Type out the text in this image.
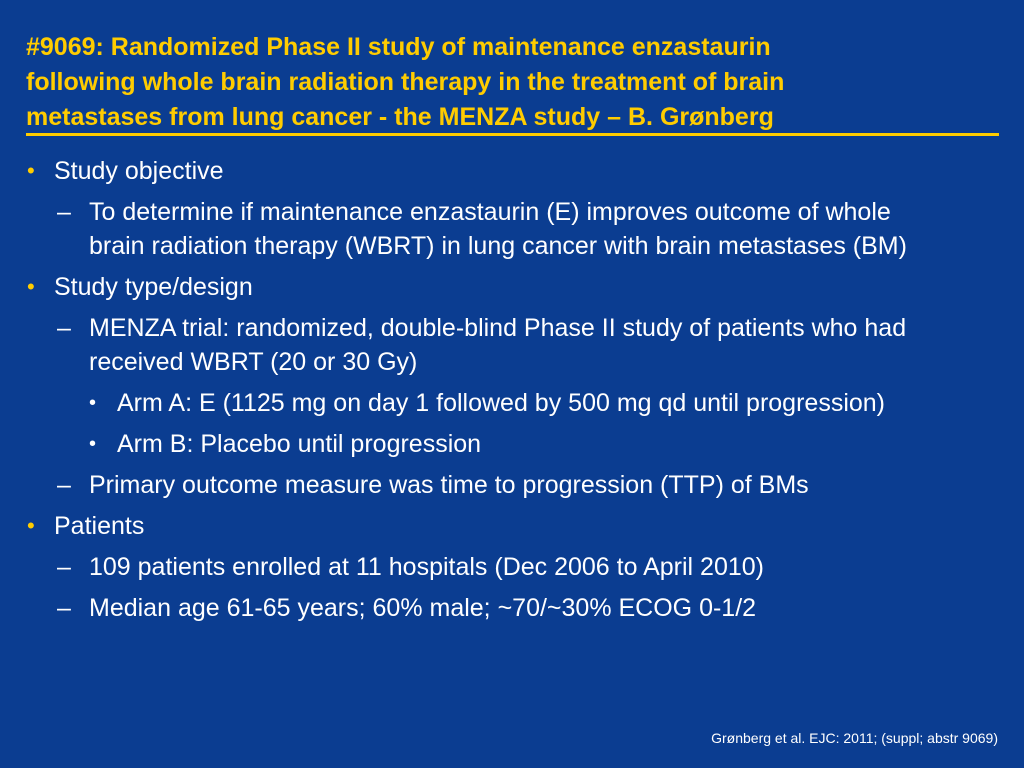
#9069: Randomized Phase II study of maintenance enzastaurin
following whole brain radiation therapy in the treatment of brain
metastases from lung cancer - the MENZA study – B. Grønberg
• Study objective
– To determine if maintenance enzastaurin (E) improves outcome of whole brain radiation therapy (WBRT) in lung cancer with brain metastases (BM)
• Study type/design
– MENZA trial: randomized, double-blind Phase II study of patients who had received WBRT (20 or 30 Gy)
• Arm A: E (1125 mg on day 1 followed by 500 mg qd until progression)
• Arm B: Placebo until progression
– Primary outcome measure was time to progression (TTP) of BMs
• Patients
– 109 patients enrolled at 11 hospitals (Dec 2006 to April 2010)
– Median age 61-65 years; 60% male; ~70/~30% ECOG 0-1/2
Grønberg et al. EJC: 2011; (suppl; abstr 9069)
